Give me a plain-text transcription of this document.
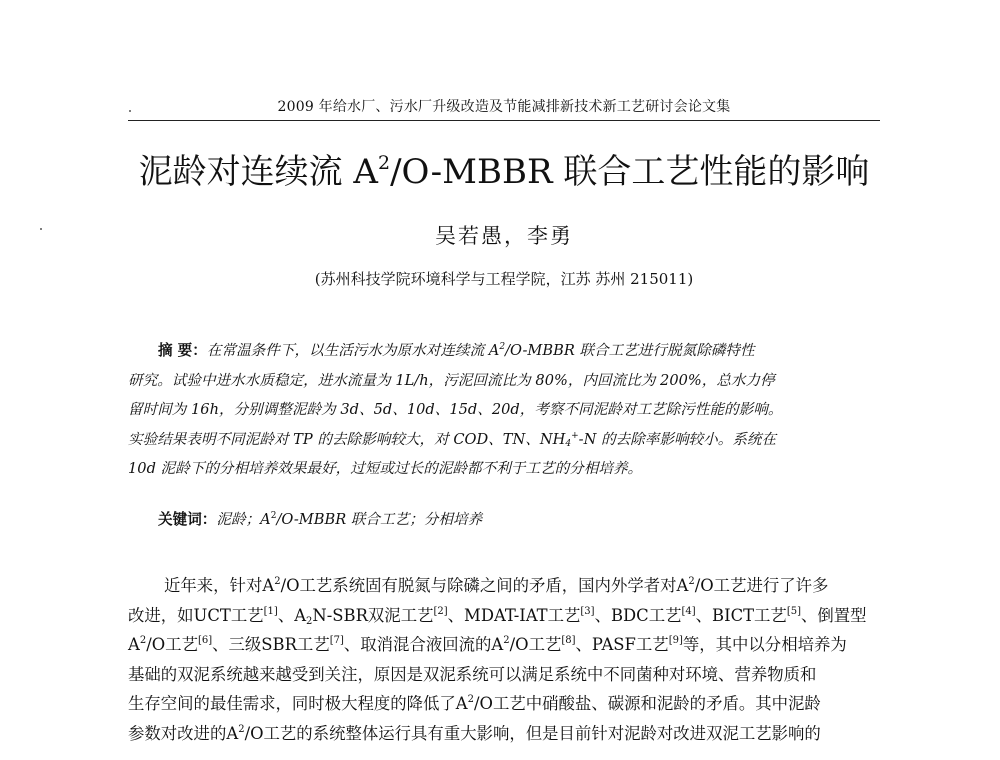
2009 年给水厂、污水厂升级改造及节能减排新技术新工艺研讨会论文集
泥龄对连续流 $A^2/O$-MBBR 联合工艺性能的影响
吴若愚，李勇
(苏州科技学院环境科学与工程学院，江苏 苏州 215011)
摘 要：在常温条件下，以生活污水为原水对连续流 $A^2/O$-MBBR 联合工艺进行脱氮除磷特性
研究。试验中进水水质稳定，进水流量为 1L/h，污泥回流比为 80%，内回流比为 200%，总水力停
留时间为 16h，分别调整泥龄为 3d、5d、10d、15d、20d，考察不同泥龄对工艺除污性能的影响。
实验结果表明不同泥龄对 TP 的去除影响较大，对 COD、TN、$NH_4^+-N$ 的去除率影响较小。系统在
10d 泥龄下的分相培养效果最好，过短或过长的泥龄都不利于工艺的分相培养。
关键词：泥龄；$A^2/O$-MBBR 联合工艺；分相培养
近年来，针对$A^2/O$工艺系统固有脱氮与除磷之间的矛盾，国内外学者对$A^2/O$工艺进行了许多
改进，如UCT工艺[1]、$A_2N$-SBR双泥工艺[2]、MDAT-IAT工艺[3]、BDC工艺[4]、BICT工艺[5]、倒置型
$A^2/O$工艺[6]、三级SBR工艺[7]、取消混合液回流的$A^2/O$工艺[8]、PASF工艺[9]等，其中以分相培养为
基础的双泥系统越来越受到关注，原因是双泥系统可以满足系统中不同菌种对环境、营养物质和
生存空间的最佳需求，同时极大程度的降低了$A^2/O$工艺中硝酸盐、碳源和泥龄的矛盾。其中泥龄
参数对改进的$A^2/O$工艺的系统整体运行具有重大影响，但是目前针对泥龄对改进双泥工艺影响的
